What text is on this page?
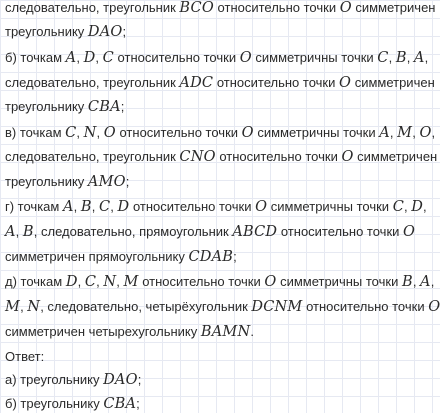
следовательно, треугольник BCO относительно точки O симметричен
треугольнику DAO;
б) точкам A, D, C относительно точки O симметричны точки C, B, A,
следовательно, треугольник ADC относительно точки O симметричен
треугольнику CBA;
в) точкам C, N, O относительно точки O симметричны точки A, M, O,
следовательно, треугольник CNO относительно точки O симметричен
треугольнику AMO;
г) точкам A, B, C, D относительно точки O симметричны точки C, D,
A, B, следовательно, прямоугольник ABCD относительно точки O
симметричен прямоугольнику CDAB;
д) точкам D, C, N, M относительно точки O симметричны точки B, A,
M, N, следовательно, четырёхугольник DCNM относительно точки O
симметричен четырехугольнику BAMN.
Ответ:
а) треугольнику DAO;
б) треугольнику CBA;
